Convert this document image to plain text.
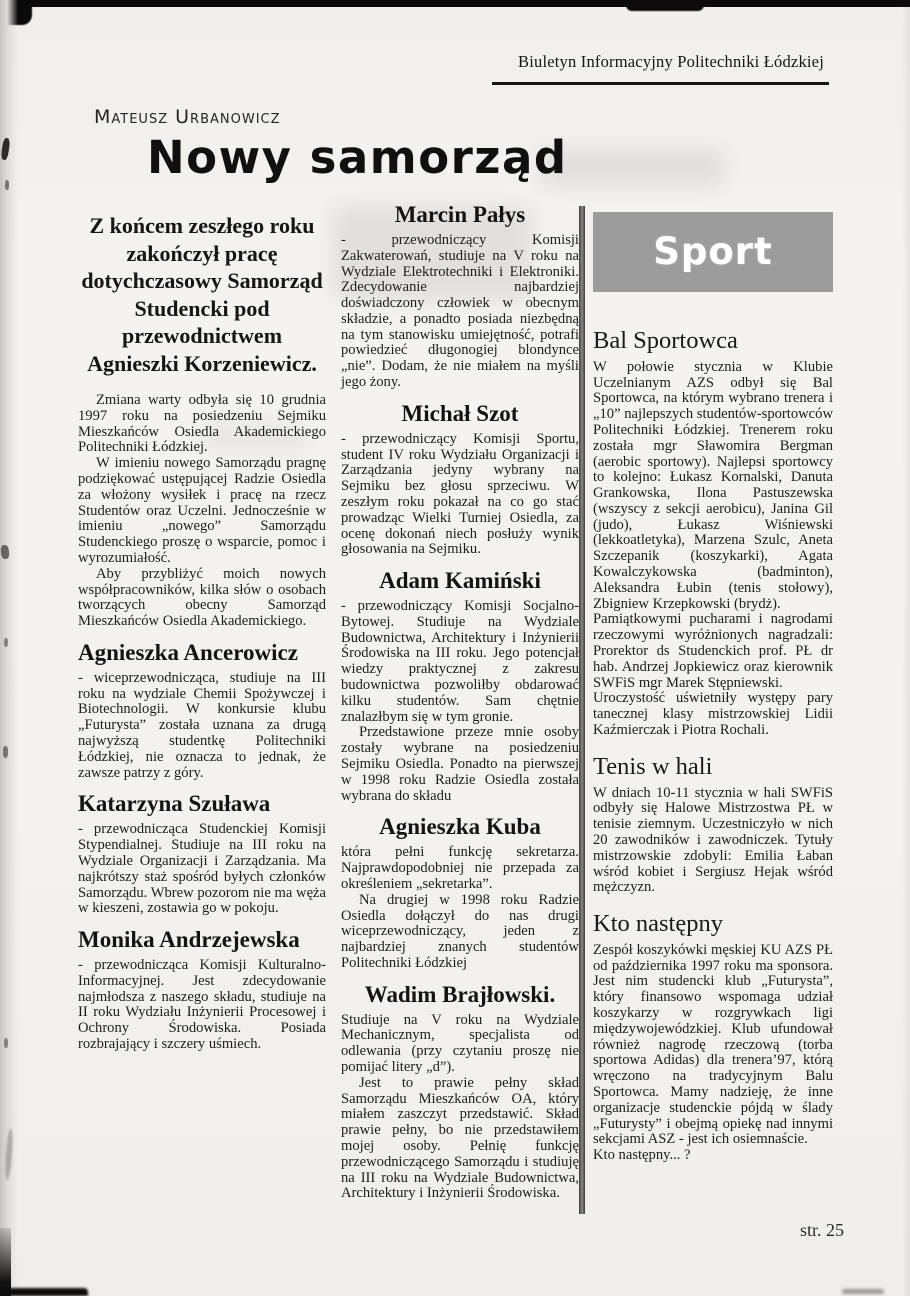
Biuletyn Informacyjny Politechniki Łódzkiej
Mateusz Urbanowicz
Nowy samorząd

Z końcem zeszłego roku zakończył pracę dotychczasowy Samorząd Studencki pod przewodnictwem Agnieszki Korzeniewicz.

Zmiana warty odbyła się 10 grudnia 1997 roku na posiedzeniu Sejmiku Mieszkańców Osiedla Akademickiego Politechniki Łódzkiej.

W imieniu nowego Samorządu pragnę podziękować ustępującej Radzie Osiedla za włożony wysiłek i pracę na rzecz Studentów oraz Uczelni. Jednocześnie w imieniu „nowego” Samorządu Studenckiego proszę o wsparcie, pomoc i wyrozumiałość.

Aby przybliżyć moich nowych współpracowników, kilka słów o osobach tworzących obecny Samorząd Mieszkańców Osiedla Akademickiego.

Agnieszka Ancerowicz

- wiceprzewodnicząca, studiuje na III roku na wydziale Chemii Spożywczej i Biotechnologii. W konkursie klubu „Futurysta” została uznana za drugą najwyższą studentkę Politechniki Łódzkiej, nie oznacza to jednak, że zawsze patrzy z góry.

Katarzyna Szuława

- przewodnicząca Studenckiej Komisji Stypendialnej. Studiuje na III roku na Wydziale Organizacji i Zarządzania. Ma najkrótszy staż spośród byłych członków Samorządu. Wbrew pozorom nie ma węża w kieszeni, zostawia go w pokoju.

Monika Andrzejewska

- przewodnicząca Komisji Kulturalno-Informacyjnej. Jest zdecydowanie najmłodsza z naszego składu, studiuje na II roku Wydziału Inżynierii Procesowej i Ochrony Środowiska. Posiada rozbrajający i szczery uśmiech.

Marcin Pałys

- przewodniczący Komisji Zakwaterowań, studiuje na V roku na Wydziale Elektrotechniki i Elektroniki. Zdecydowanie najbardziej doświadczony człowiek w obecnym składzie, a ponadto posiada niezbędną na tym stanowisku umiejętność, potrafi powiedzieć długonogiej blondynce „nie”. Dodam, że nie miałem na myśli jego żony.

Michał Szot

- przewodniczący Komisji Sportu, student IV roku Wydziału Organizacji i Zarządzania jedyny wybrany na Sejmiku bez głosu sprzeciwu. W zeszłym roku pokazał na co go stać prowadząc Wielki Turniej Osiedla, za ocenę dokonań niech posłuży wynik głosowania na Sejmiku.

Adam Kamiński

- przewodniczący Komisji Socjalno-Bytowej. Studiuje na Wydziale Budownictwa, Architektury i Inżynierii Środowiska na III roku. Jego potencjał wiedzy praktycznej z zakresu budownictwa pozwoliłby obdarować kilku studentów. Sam chętnie znalazłbym się w tym gronie.

Przedstawione przeze mnie osoby zostały wybrane na posiedzeniu Sejmiku Osiedla. Ponadto na pierwszej w 1998 roku Radzie Osiedla została wybrana do składu

Agnieszka Kuba

która pełni funkcję sekretarza. Najprawdopodobniej nie przepada za określeniem „sekretarka”.

Na drugiej w 1998 roku Radzie Osiedla dołączył do nas drugi wiceprzewodniczący, jeden z najbardziej znanych studentów Politechniki Łódzkiej

Wadim Brajłowski.

Studiuje na V roku na Wydziale Mechanicznym, specjalista od odlewania (przy czytaniu proszę nie pomijać litery „d”).

Jest to prawie pełny skład Samorządu Mieszkańców OA, który miałem zaszczyt przedstawić. Skład prawie pełny, bo nie przedstawiłem mojej osoby. Pełnię funkcję przewodniczącego Samorządu i studiuję na III roku na Wydziale Budownictwa, Architektury i Inżynierii Środowiska.

Sport
Bal Sportowca

W połowie stycznia w Klubie Uczelnianym AZS odbył się Bal Sportowca, na którym wybrano trenera i „10” najlepszych studentów-sportowców Politechniki Łódzkiej. Trenerem roku została mgr Sławomira Bergman (aerobic sportowy). Najlepsi sportowcy to kolejno: Łukasz Kornalski, Danuta Grankowska, Ilona Pastuszewska (wszyscy z sekcji aerobicu), Janina Gil (judo), Łukasz Wiśniewski (lekkoatletyka), Marzena Szulc, Aneta Szczepanik (koszykarki), Agata Kowalczykowska (badminton), Aleksandra Łubin (tenis stołowy), Zbigniew Krzepkowski (brydż).

Pamiątkowymi pucharami i nagrodami rzeczowymi wyróżnionych nagradzali: Prorektor ds Studenckich prof. PŁ dr hab. Andrzej Jopkiewicz oraz kierownik SWFiS mgr Marek Stępniewski.

Uroczystość uświetniły występy pary tanecznej klasy mistrzowskiej Lidii Kaźmierczak i Piotra Rochali.

Tenis w hali

W dniach 10-11 stycznia w hali SWFiS odbyły się Halowe Mistrzostwa PŁ w tenisie ziemnym. Uczestniczyło w nich 20 zawodników i zawodniczek. Tytuły mistrzowskie zdobyli: Emilia Łaban wśród kobiet i Sergiusz Hejak wśród mężczyzn.

Kto następny

Zespół koszykówki męskiej KU AZS PŁ od października 1997 roku ma sponsora. Jest nim studencki klub „Futurysta”, który finansowo wspomaga udział koszykarzy w rozgrywkach ligi międzywojewódzkiej. Klub ufundował również nagrodę rzeczową (torba sportowa Adidas) dla trenera’97, którą wręczono na tradycyjnym Balu Sportowca. Mamy nadzieję, że inne organizacje studenckie pójdą w ślady „Futurysty” i obejmą opiekę nad innymi sekcjami ASZ - jest ich osiemnaście.

Kto następny... ?

str. 25
